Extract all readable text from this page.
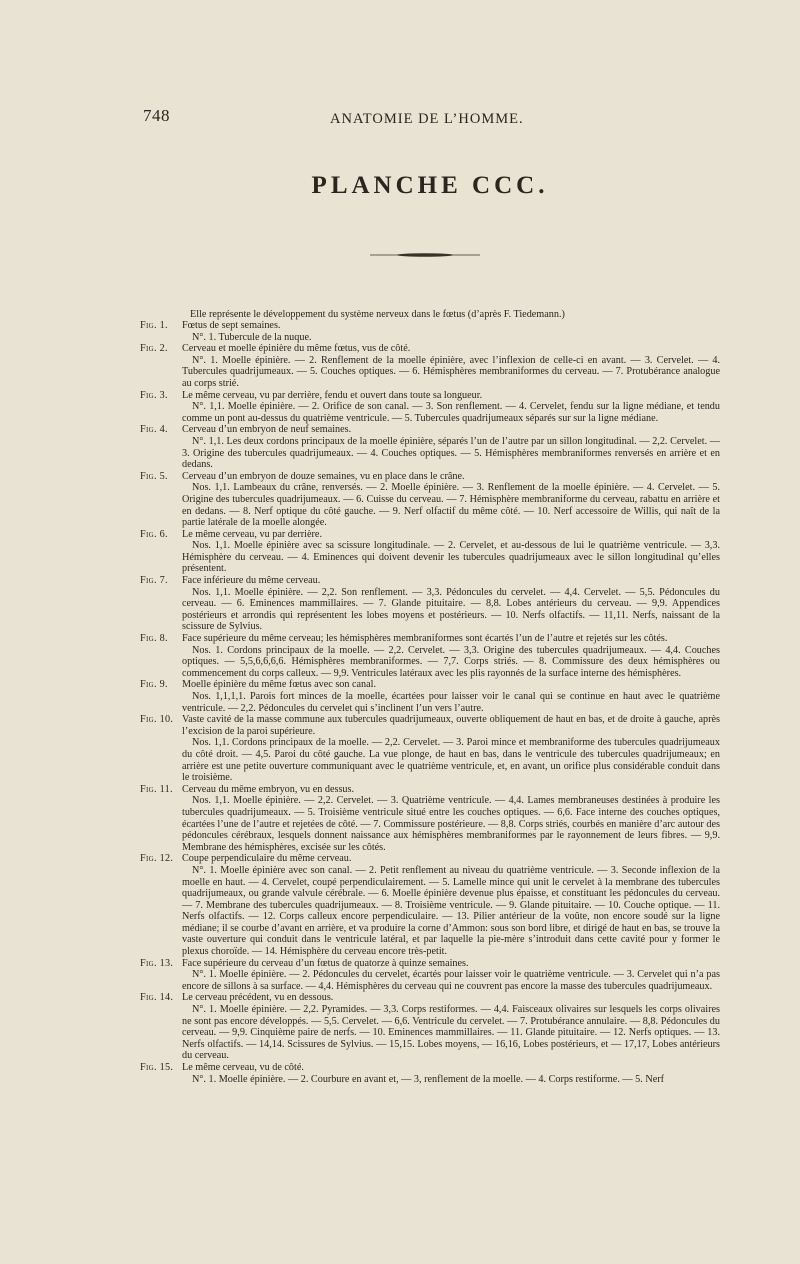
748	ANATOMIE DE L’HOMME.
PLANCHE CCC.
Elle représente le développement du système nerveux dans le fœtus (d’après F. Tiedemann.)
Fig. 1.	Fœtus de sept semaines.
N°. 1. Tubercule de la nuque.
Fig. 2.	Cerveau et moelle épinière du même fœtus, vus de côté.
N°. 1. Moelle épinière. — 2. Renflement de la moelle épinière, avec l’inflexion de celle-ci en avant. — 3. Cervelet. — 4. Tubercules quadrijumeaux. — 5. Couches optiques. — 6. Hémisphères membraniformes du cerveau. — 7. Protubérance analogue au corps strié.
Fig. 3.	Le même cerveau, vu par derrière, fendu et ouvert dans toute sa longueur.
N°. 1,1. Moelle épinière. — 2. Orifice de son canal. — 3. Son renflement. — 4. Cervelet, fendu sur la ligne médiane, et tendu comme un pont au-dessus du quatrième ventricule. — 5. Tubercules quadrijumeaux séparés sur sur la ligne médiane.
Fig. 4.	Cerveau d’un embryon de neuf semaines.
N°. 1,1. Les deux cordons principaux de la moelle épinière, séparés l’un de l’autre par un sillon longitudinal. — 2,2. Cervelet. — 3. Origine des tubercules quadrijumeaux. — 4. Couches optiques. — 5. Hémisphères membraniformes renversés en arrière et en dedans.
Fig. 5.	Cerveau d’un embryon de douze semaines, vu en place dans le crâne.
Nos. 1,1. Lambeaux du crâne, renversés. — 2. Moelle épinière. — 3. Renflement de la moelle épinière. — 4. Cervelet. — 5. Origine des tubercules quadrijumeaux. — 6. Cuisse du cerveau. — 7. Hémisphère membraniforme du cerveau, rabattu en arrière et en dedans. — 8. Nerf optique du côté gauche. — 9. Nerf olfactif du même côté. — 10. Nerf accessoire de Willis, qui naît de la partie latérale de la moelle alongée.
Fig. 6.	Le même cerveau, vu par derrière.
Nos. 1,1. Moelle épinière avec sa scissure longitudinale. — 2. Cervelet, et au-dessous de lui le quatrième ventricule. — 3,3. Hémisphère du cerveau. — 4. Eminences qui doivent devenir les tubercules quadrijumeaux avec le sillon longitudinal qu’elles présentent.
Fig. 7.	Face inférieure du même cerveau.
Nos. 1,1. Moelle épinière. — 2,2. Son renflement. — 3,3. Pédoncules du cervelet. — 4,4. Cervelet. — 5,5. Pédoncules du cerveau. — 6. Eminences mammillaires. — 7. Glande pituitaire. — 8,8. Lobes antérieurs du cerveau. — 9,9. Appendices postérieurs et arrondis qui représentent les lobes moyens et postérieurs. — 10. Nerfs olfactifs. — 11,11. Nerfs, naissant de la scissure de Sylvius.
Fig. 8.	Face supérieure du même cerveau; les hémisphères membraniformes sont écartés l’un de l’autre et rejetés sur les côtés.
Nos. 1. Cordons principaux de la moelle. — 2,2. Cervelet. — 3,3. Origine des tubercules quadrijumeaux. — 4,4. Couches optiques. — 5,5,6,6,6,6. Hémisphères membraniformes. — 7,7. Corps striés. — 8. Commissure des deux hémisphères ou commencement du corps calleux. — 9,9. Ventricules latéraux avec les plis rayonnés de la surface interne des hémisphères.
Fig. 9.	Moelle épinière du même fœtus avec son canal.
Nos. 1,1,1,1. Parois fort minces de la moelle, écartées pour laisser voir le canal qui se continue en haut avec le quatrième ventricule. — 2,2. Pédoncules du cervelet qui s’inclinent l’un vers l’autre.
Fig. 10. Vaste cavité de la masse commune aux tubercules quadrijumeaux, ouverte obliquement de haut en bas, et de droite à gauche, après l’excision de la paroi supérieure.
Nos. 1,1. Cordons principaux de la moelle. — 2,2. Cervelet. — 3. Paroi mince et membraniforme des tubercules quadrijumeaux du côté droit. — 4,5. Paroi du côté gauche. La vue plonge, de haut en bas, dans le ventricule des tubercules quadrijumeaux; en arrière est une petite ouverture communiquant avec le quatrième ventricule, et, en avant, un orifice plus considérable conduit dans le troisième.
Fig. 11. Cerveau du même embryon, vu en dessus.
Nos. 1,1. Moelle épinière. — 2,2. Cervelet. — 3. Quatrième ventricule. — 4,4. Lames membraneuses destinées à produire les tubercules quadrijumeaux. — 5. Troisième ventricule situé entre les couches optiques. — 6,6. Face interne des couches optiques, écartées l’une de l’autre et rejetées de côté. — 7. Commissure postérieure. — 8,8. Corps striés, courbés en manière d’arc autour des pédoncules cérébraux, lesquels donnent naissance aux hémisphères membraniformes par le rayonnement de leurs fibres. — 9,9. Membrane des hémisphères, excisée sur les côtés.
Fig. 12. Coupe perpendiculaire du même cerveau.
N°. 1. Moelle épinière avec son canal. — 2. Petit renflement au niveau du quatrième ventricule. — 3. Seconde inflexion de la moelle en haut. — 4. Cervelet, coupé perpendiculairement. — 5. Lamelle mince qui unit le cervelet à la membrane des tubercules quadrijumeaux, ou grande valvule cérébrale. — 6. Moelle épinière devenue plus épaisse, et constituant les pédoncules du cerveau. — 7. Membrane des tubercules quadrijumeaux. — 8. Troisième ventricule. — 9. Glande pituitaire. — 10. Couche optique. — 11. Nerfs olfactifs. — 12. Corps calleux encore perpendiculaire. — 13. Pilier antérieur de la voûte, non encore soudé sur la ligne médiane; il se courbe d’avant en arrière, et va produire la corne d’Ammon: sous son bord libre, et dirigé de haut en bas, se trouve la vaste ouverture qui conduit dans le ventricule latéral, et par laquelle la pie-mère s’introduit dans cette cavité pour y former le plexus choroïde. — 14. Hémisphère du cerveau encore très-petit.
Fig. 13. Face supérieure du cerveau d’un fœtus de quatorze à quinze semaines.
N°. 1. Moelle épinière. — 2. Pédoncules du cervelet, écartés pour laisser voir le quatrième ventricule. — 3. Cervelet qui n’a pas encore de sillons à sa surface. — 4,4. Hémisphères du cerveau qui ne couvrent pas encore la masse des tubercules quadrijumeaux.
Fig. 14. Le cerveau précédent, vu en dessous.
N°. 1. Moelle épinière. — 2,2. Pyramides. — 3,3. Corps restiformes. — 4,4. Faisceaux olivaires sur lesquels les corps olivaires ne sont pas encore développés. — 5,5. Cervelet. — 6,6. Ventricule du cervelet. — 7. Protubérance annulaire. — 8,8. Pédoncules du cerveau. — 9,9. Cinquième paire de nerfs. — 10. Eminences mammillaires. — 11. Glande pituitaire. — 12. Nerfs optiques. — 13. Nerfs olfactifs. — 14,14. Scissures de Sylvius. — 15,15. Lobes moyens, — 16,16, Lobes postérieurs, et — 17,17, Lobes antérieurs du cerveau.
Fig. 15. Le même cerveau, vu de côté.
N°. 1. Moelle épinière. — 2. Courbure en avant et, — 3, renflement de la moelle. — 4. Corps restiforme. — 5. Nerf
